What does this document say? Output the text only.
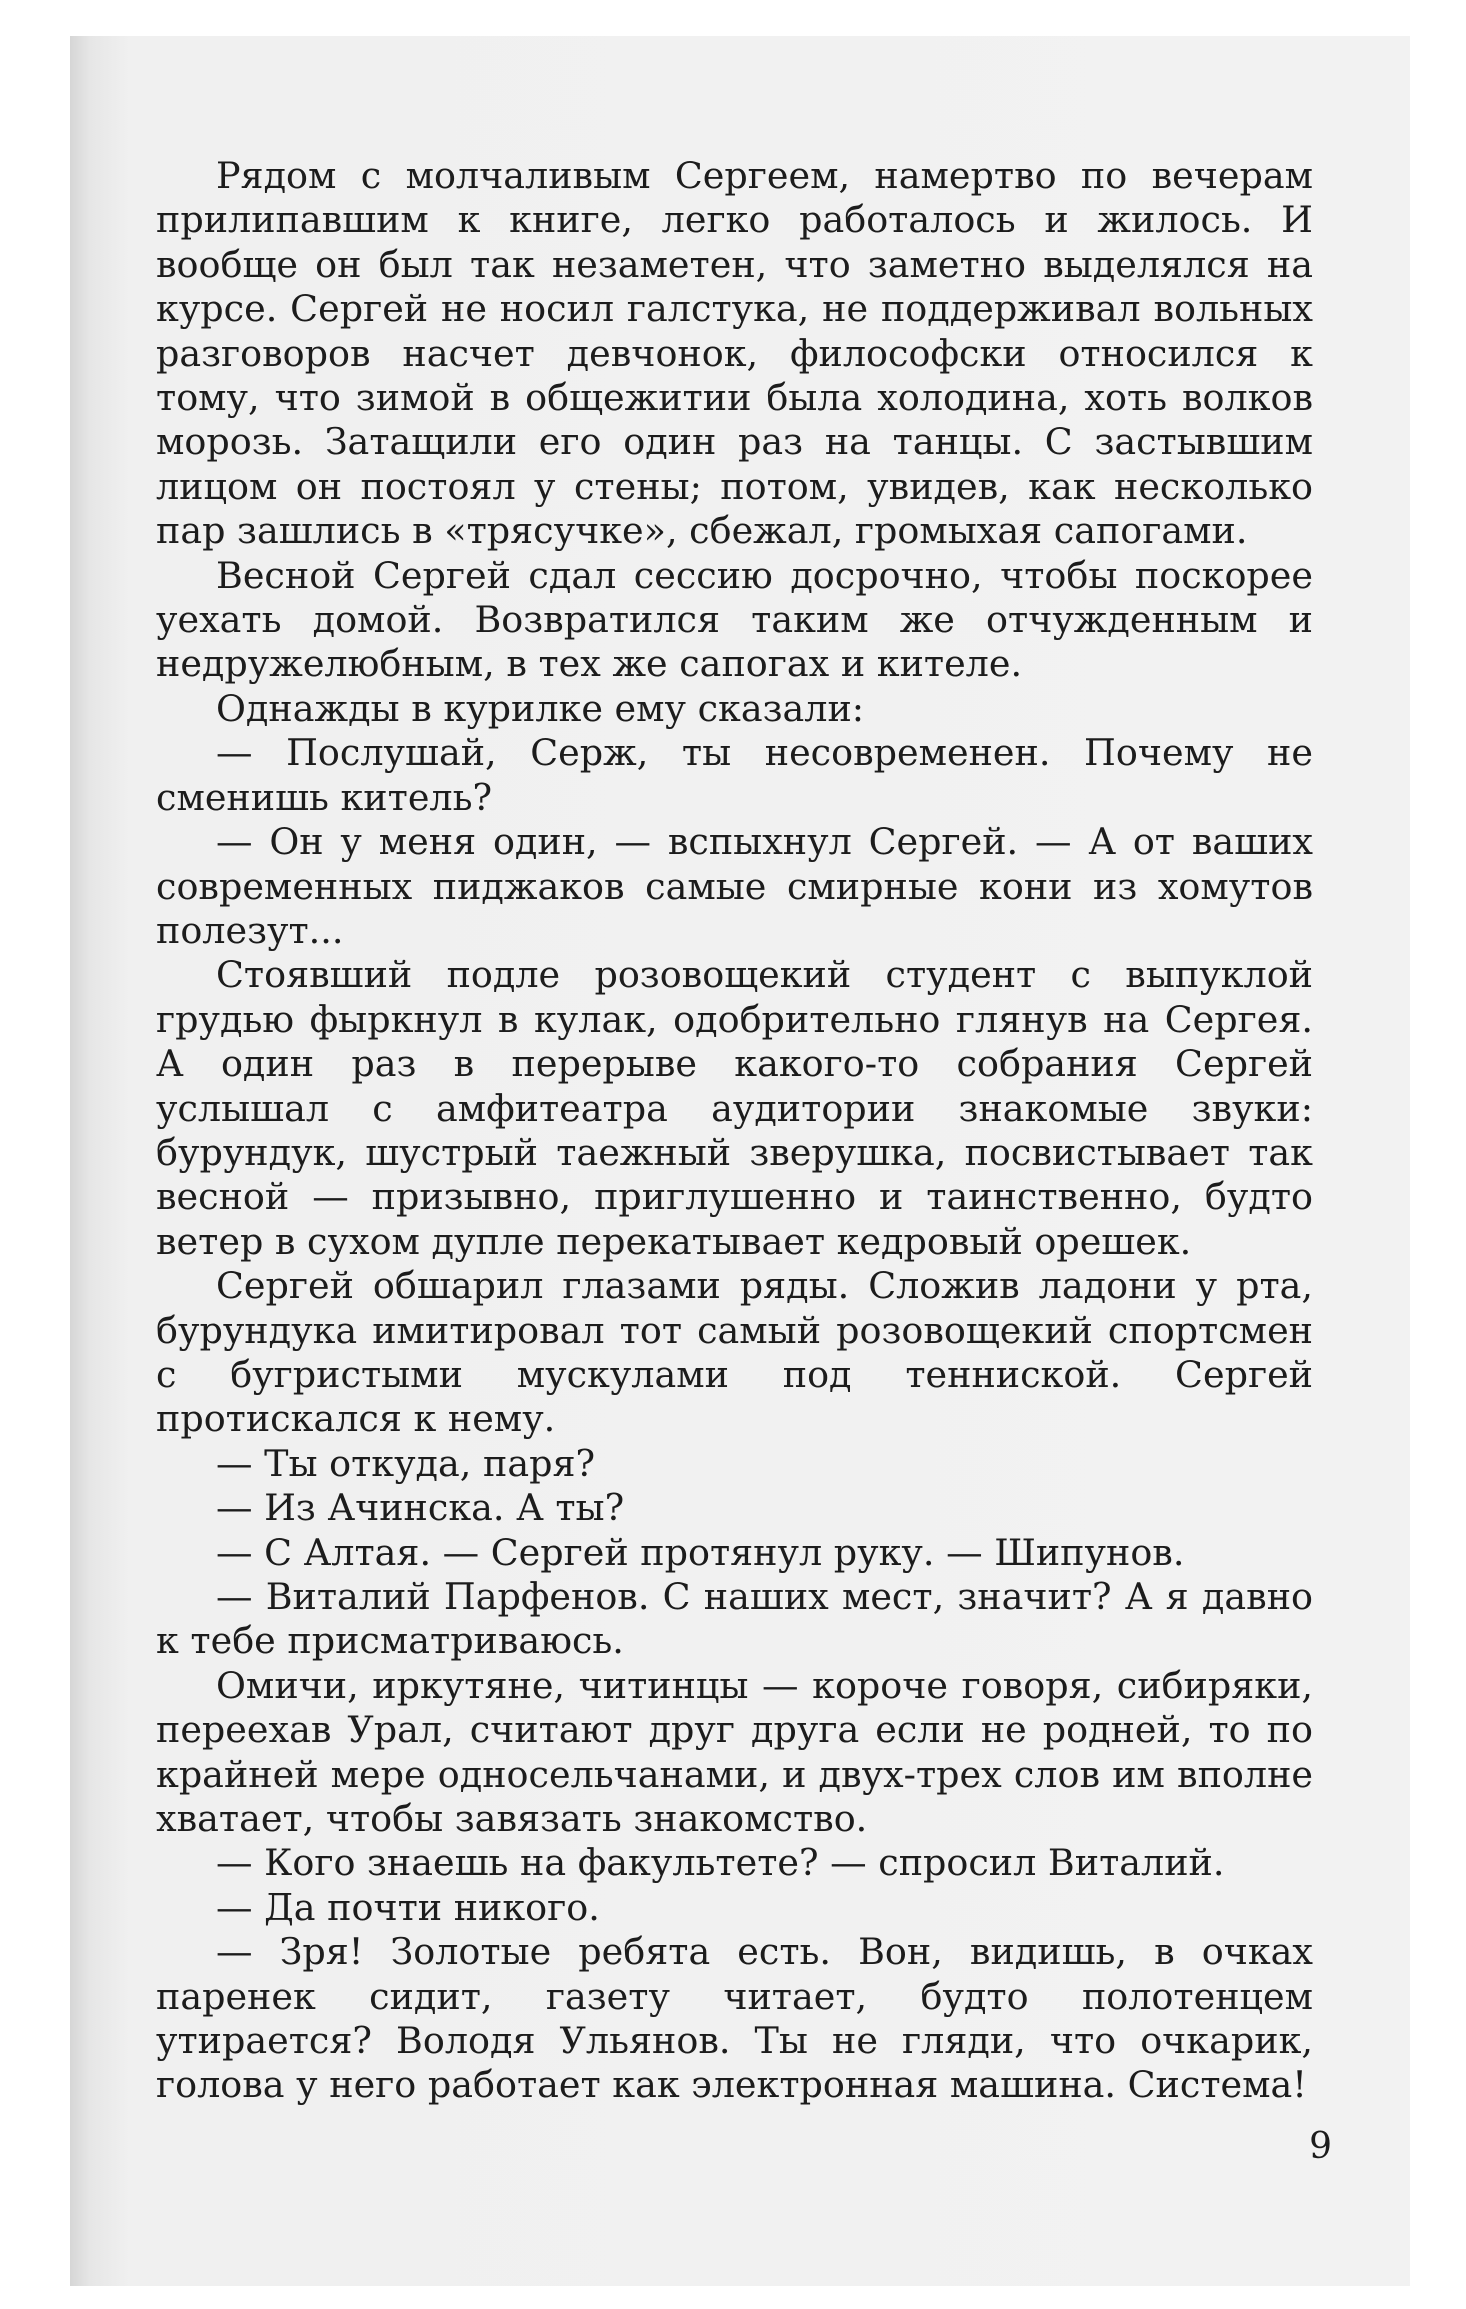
Рядом с молчаливым Сергеем, намертво по вечерам прилипавшим к книге, легко работалось и жилось. И вообще он был так незаметен, что заметно выделялся на курсе. Сергей не носил галстука, не поддерживал вольных разговоров насчет девчонок, философски относился к тому, что зимой в общежитии была холодина, хоть волков морозь. Затащили его один раз на танцы. С застывшим лицом он постоял у стены; потом, увидев, как несколько пар зашлись в «трясучке», сбежал, громыхая сапогами.

Весной Сергей сдал сессию досрочно, чтобы поскорее уехать домой. Возвратился таким же отчужденным и недружелюбным, в тех же сапогах и кителе.

Однажды в курилке ему сказали:

— Послушай, Серж, ты несовременен. Почему не сменишь китель?

— Он у меня один, — вспыхнул Сергей. — А от ваших современных пиджаков самые смирные кони из хомутов полезут...

Стоявший подле розовощекий студент с выпуклой грудью фыркнул в кулак, одобрительно глянув на Сергея. А один раз в перерыве какого-то собрания Сергей услышал с амфитеатра аудитории знакомые звуки: бурундук, шустрый таежный зверушка, посвистывает так весной — призывно, приглушенно и таинственно, будто ветер в сухом дупле перекатывает кедровый орешек.

Сергей обшарил глазами ряды. Сложив ладони у рта, бурундука имитировал тот самый розовощекий спортсмен с бугристыми мускулами под тенниской. Сергей протискался к нему.

— Ты откуда, паря?

— Из Ачинска. А ты?

— С Алтая. — Сергей протянул руку. — Шипунов.

— Виталий Парфенов. С наших мест, значит? А я давно к тебе присматриваюсь.

Омичи, иркутяне, читинцы — короче говоря, сибиряки, переехав Урал, считают друг друга если не родней, то по крайней мере односельчанами, и двух-трех слов им вполне хватает, чтобы завязать знакомство.

— Кого знаешь на факультете? — спросил Виталий.

— Да почти никого.

— Зря! Золотые ребята есть. Вон, видишь, в очках паренек сидит, газету читает, будто полотенцем утирается? Володя Ульянов. Ты не гляди, что очкарик, голова у него работает как электронная машина. Система!

9
